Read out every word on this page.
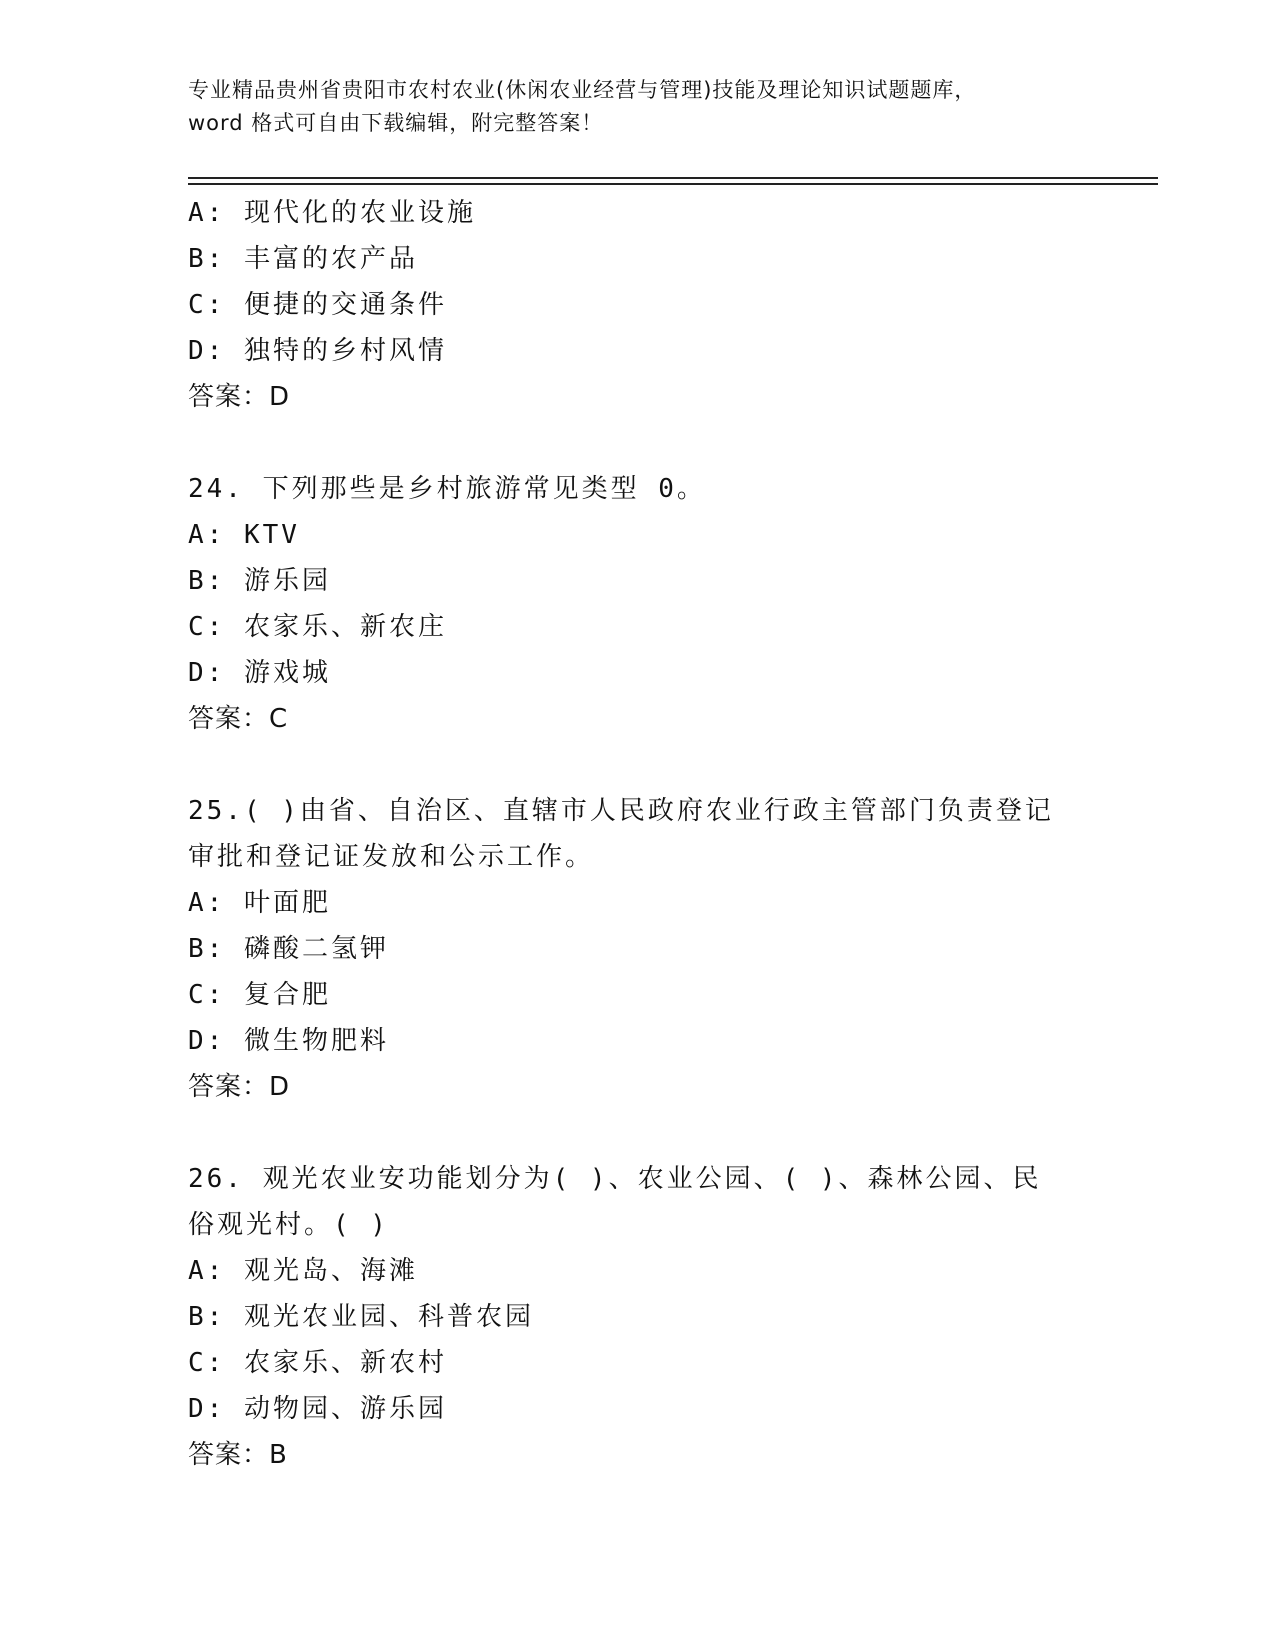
专业精品贵州省贵阳市农村农业(休闲农业经营与管理)技能及理论知识试题题库，
word 格式可自由下载编辑，附完整答案！
A: 现代化的农业设施
B: 丰富的农产品
C: 便捷的交通条件
D: 独特的乡村风情
答案：D
24. 下列那些是乡村旅游常见类型 0。
A: KTV
B: 游乐园
C: 农家乐、新农庄
D: 游戏城
答案：C
25.( )由省、自治区、直辖市人民政府农业行政主管部门负责登记
审批和登记证发放和公示工作。
A: 叶面肥
B: 磷酸二氢钾
C: 复合肥
D: 微生物肥料
答案：D
26. 观光农业安功能划分为( )、农业公园、( )、森林公园、民
俗观光村。( )
A: 观光岛、海滩
B: 观光农业园、科普农园
C: 农家乐、新农村
D: 动物园、游乐园
答案：B
